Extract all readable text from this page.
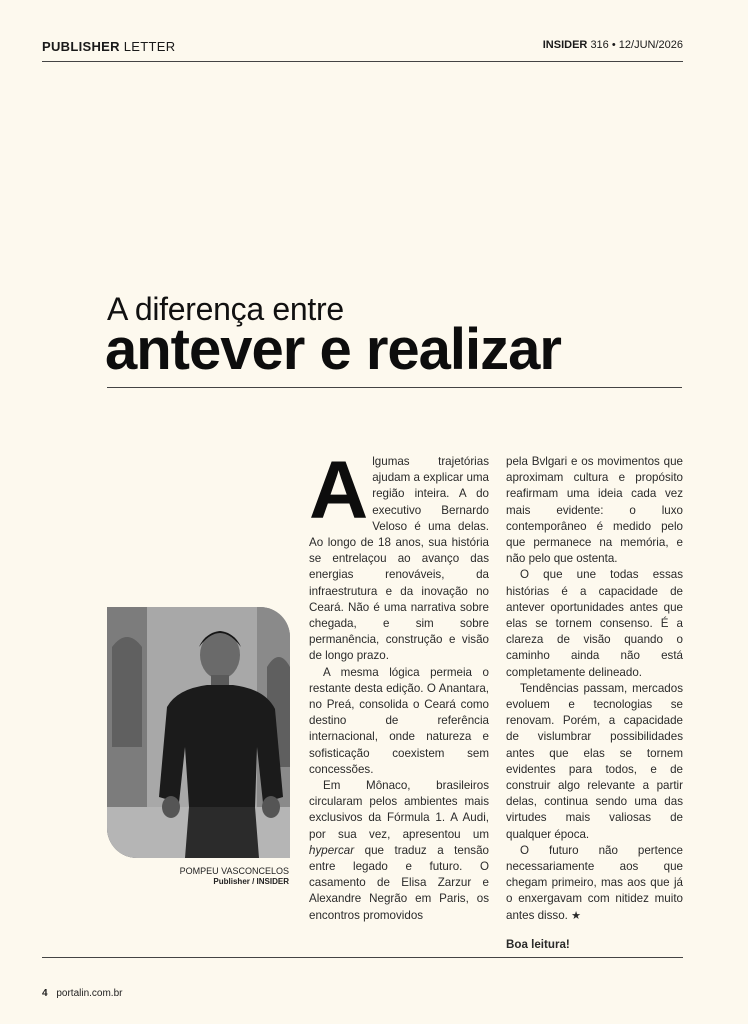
PUBLISHER LETTER	INSIDER 316 • 12/JUN/2026
A diferença entre
antever e realizar
POMPEU VASCONCELOS
Publisher / INSIDER
A lgumas trajetórias ajudam a explicar uma região inteira. A do executivo Bernardo Veloso é uma delas. Ao longo de 18 anos, sua história se entrelaçou ao avanço das energias renováveis, da infraestrutura e da inovação no Ceará. Não é uma narrativa sobre chegada, e sim sobre permanência, construção e visão de longo prazo.

A mesma lógica permeia o restante desta edição. O Anantara, no Preá, consolida o Ceará como destino de referência internacional, onde natureza e sofisticação coexistem sem concessões.

Em Mônaco, brasileiros circularam pelos ambientes mais exclusivos da Fórmula 1. A Audi, por sua vez, apresentou um hypercar que traduz a tensão entre legado e futuro. O casamento de Elisa Zarzur e Alexandre Negrão em Paris, os encontros promovidos

pela Bvlgari e os movimentos que aproximam cultura e propósito reafirmam uma ideia cada vez mais evidente: o luxo contemporâneo é medido pelo que permanece na memória, e não pelo que ostenta.

O que une todas essas histórias é a capacidade de antever oportunidades antes que elas se tornem consenso. É a clareza de visão quando o caminho ainda não está completamente delineado.

Tendências passam, mercados evoluem e tecnologias se renovam. Porém, a capacidade de vislumbrar possibilidades antes que elas se tornem evidentes para todos, e de construir algo relevante a partir delas, continua sendo uma das virtudes mais valiosas de qualquer época.

O futuro não pertence necessariamente aos que chegam primeiro, mas aos que já o enxergavam com nitidez muito antes disso. ★

Boa leitura!

4 portalin.com.br
